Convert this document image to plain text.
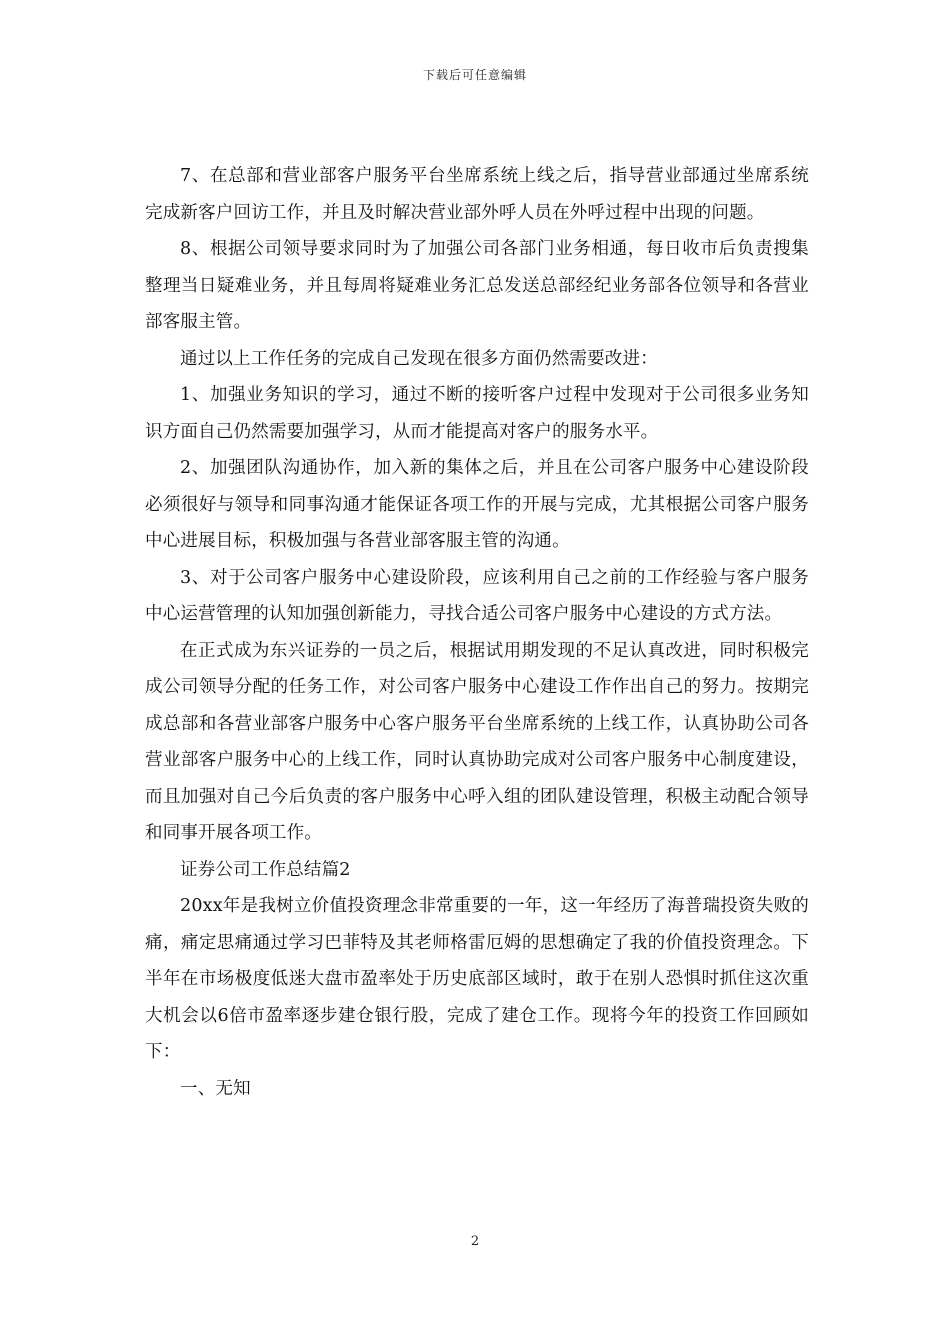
下载后可任意编辑

7、在总部和营业部客户服务平台坐席系统上线之后，指导营业部通过坐席系统完成新客户回访工作，并且及时解决营业部外呼人员在外呼过程中出现的问题。

8、根据公司领导要求同时为了加强公司各部门业务相通，每日收市后负责搜集整理当日疑难业务，并且每周将疑难业务汇总发送总部经纪业务部各位领导和各营业部客服主管。

通过以上工作任务的完成自己发现在很多方面仍然需要改进：

1、加强业务知识的学习，通过不断的接听客户过程中发现对于公司很多业务知识方面自己仍然需要加强学习，从而才能提高对客户的服务水平。

2、加强团队沟通协作，加入新的集体之后，并且在公司客户服务中心建设阶段必须很好与领导和同事沟通才能保证各项工作的开展与完成，尤其根据公司客户服务中心进展目标，积极加强与各营业部客服主管的沟通。

3、对于公司客户服务中心建设阶段，应该利用自己之前的工作经验与客户服务中心运营管理的认知加强创新能力，寻找合适公司客户服务中心建设的方式方法。

在正式成为东兴证券的一员之后，根据试用期发现的不足认真改进，同时积极完成公司领导分配的任务工作，对公司客户服务中心建设工作作出自己的努力。按期完成总部和各营业部客户服务中心客户服务平台坐席系统的上线工作，认真协助公司各营业部客户服务中心的上线工作，同时认真协助完成对公司客户服务中心制度建设，而且加强对自己今后负责的客户服务中心呼入组的团队建设管理，积极主动配合领导和同事开展各项工作。

证券公司工作总结篇2

20xx年是我树立价值投资理念非常重要的一年，这一年经历了海普瑞投资失败的痛，痛定思痛通过学习巴菲特及其老师格雷厄姆的思想确定了我的价值投资理念。下半年在市场极度低迷大盘市盈率处于历史底部区域时，敢于在别人恐惧时抓住这次重大机会以6倍市盈率逐步建仓银行股，完成了建仓工作。现将今年的投资工作回顾如下：

一、无知

2
